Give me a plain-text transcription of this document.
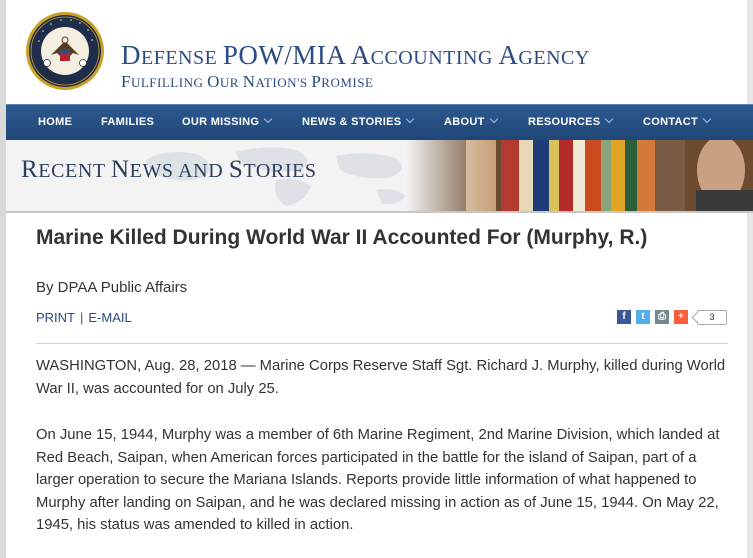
DEFENSE POW/MIA ACCOUNTING AGENCY
FULFILLING OUR NATION'S PROMISE
HOME	FAMILIES	OUR MISSING	NEWS & STORIES	ABOUT	RESOURCES	CONTACT
RECENT NEWS AND STORIES
Marine Killed During World War II Accounted For (Murphy, R.)
By DPAA Public Affairs
PRINT | E-MAIL	f	t	⎙	+	3

WASHINGTON, Aug. 28, 2018 — Marine Corps Reserve Staff Sgt. Richard J. Murphy, killed during World War II, was accounted for on July 25.

On June 15, 1944, Murphy was a member of 6th Marine Regiment, 2nd Marine Division, which landed at Red Beach, Saipan, when American forces participated in the battle for the island of Saipan, part of a larger operation to secure the Mariana Islands. Reports provide little information of what happened to Murphy after landing on Saipan, and he was declared missing in action as of June 15, 1944. On May 22, 1945, his status was amended to killed in action.
